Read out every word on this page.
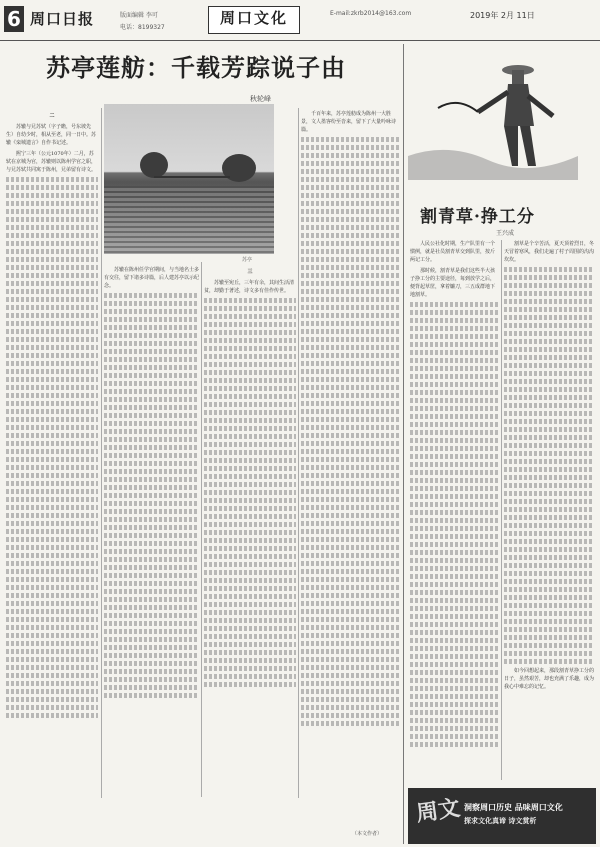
6 周口日报	版面编辑 李可
电话：8199327
周口文化	E-mail:zkrb2014@163.com	2019年 2月 11日
苏亭莲舫：千载芳踪说子由
秋轮峰
苏亭
二

苏辙与兄苏轼（字子瞻，号东坡先生）自幼少时，相从至老，同一日中。苏辙《栾城遗言》自作书记述。

熙宁三年（公元1070年）二月，苏轼在京城为官，苏辙则以陈州学官之职，与兄苏轼共同寓于陈州，兄弟留有诗文。

苏辙在陈州任学官期间，与当地名士多有交往，留下诸多诗篇，后人建苏亭以示纪念。

三

苏辙至宛丘，三年有余，其间生活清贫，却勤于著述，诗文多有佳作传世。

千百年来，苏亭莲舫成为陈州一大胜景，文人墨客纷至沓来，留下了大量吟咏诗篇。

（本文作者）
割青草·挣工分
王兴成

人民公社化时期，生产队里有一个惯例，就是社员割青草交到队里，按斤两记工分。

那时候，割青草是我们这些半大孩子挣工分的主要途径，每到放学之后，便背起草筐，拿着镰刀，三五成群地下地割草。

割草是个辛苦活，夏天顶着烈日，冬天冒着寒风，我们走遍了村子周围的沟沟坎坎。

如今回想起来，那段割青草挣工分的日子，虽然艰苦，却也充满了乐趣，成为我心中难忘的记忆。

周文 洞察周口历史 品味周口文化
探求文化真谛 诗文赏析
